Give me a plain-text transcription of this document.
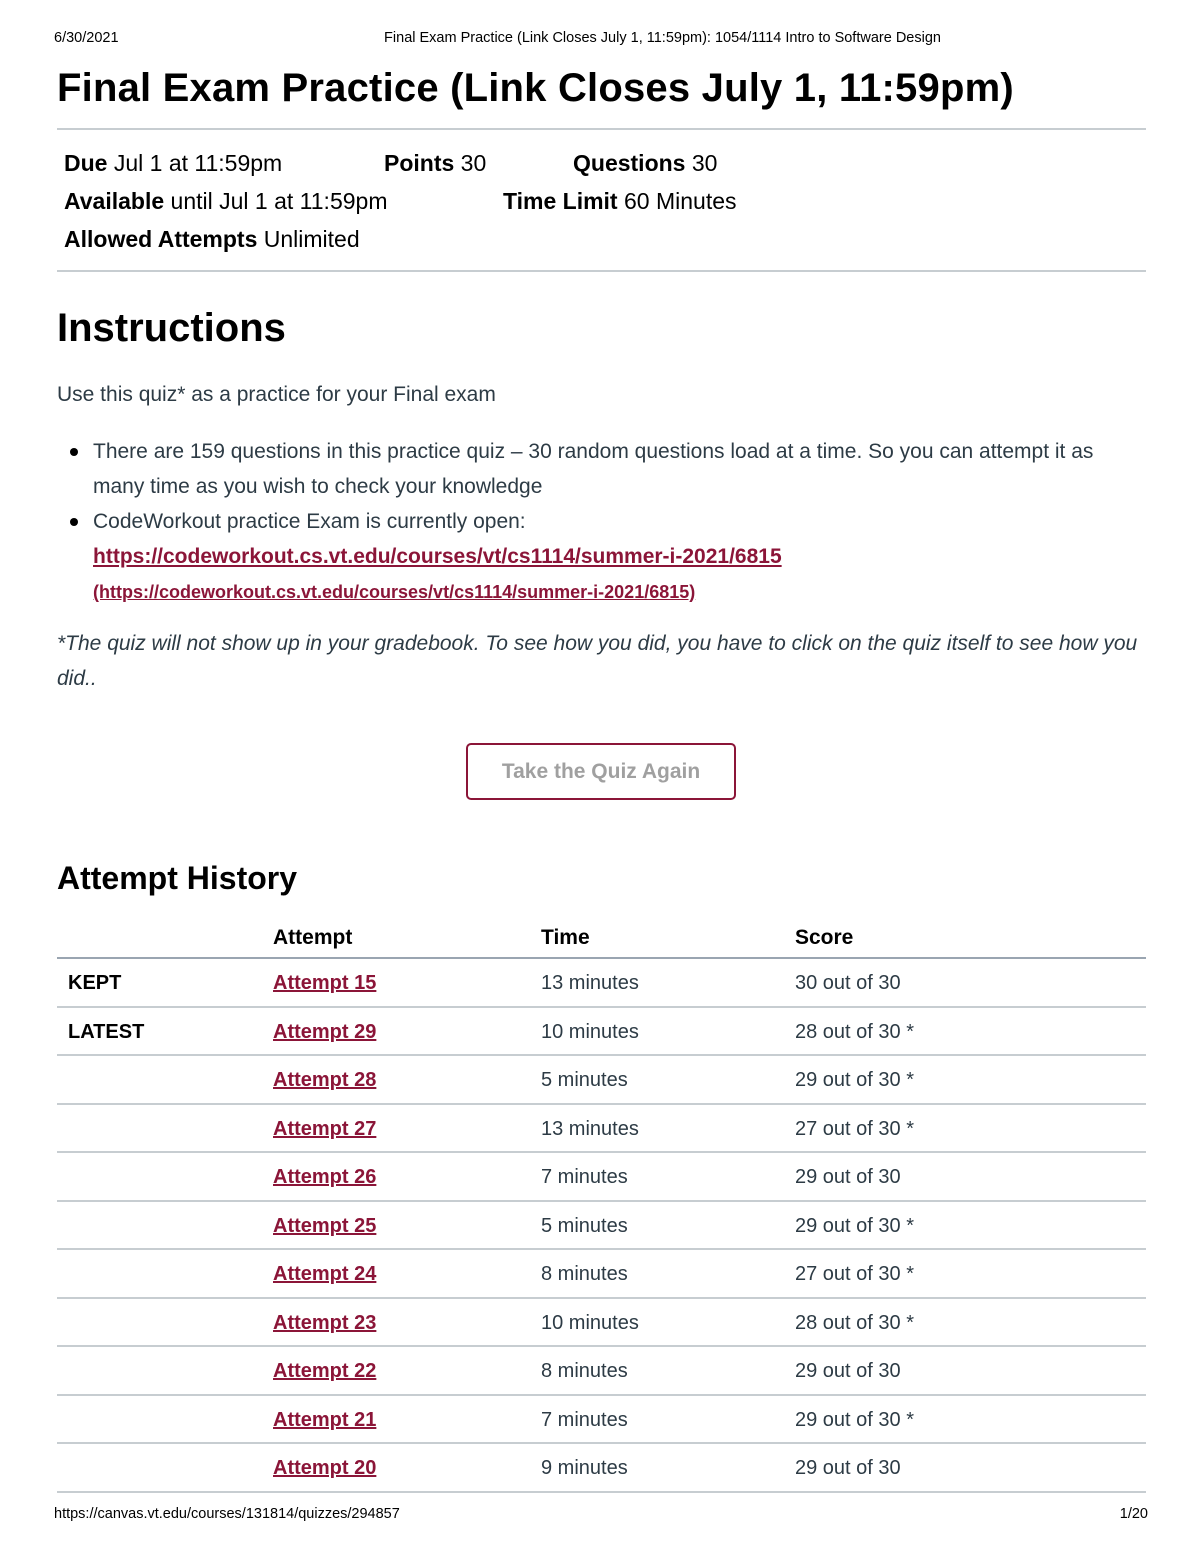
6/30/2021	Final Exam Practice (Link Closes July 1, 11:59pm): 1054/1114 Intro to Software Design
Final Exam Practice (Link Closes July 1, 11:59pm)
Due Jul 1 at 11:59pm	Points 30	Questions 30
Available until Jul 1 at 11:59pm	Time Limit 60 Minutes
Allowed Attempts Unlimited
Instructions

Use this quiz* as a practice for your Final exam

There are 159 questions in this practice quiz – 30 random questions load at a time. So you can attempt it as many time as you wish to check your knowledge
CodeWorkout practice Exam is currently open:
https://codeworkout.cs.vt.edu/courses/vt/cs1114/summer-i-2021/6815
(https://codeworkout.cs.vt.edu/courses/vt/cs1114/summer-i-2021/6815)

*The quiz will not show up in your gradebook. To see how you did, you have to click on the quiz itself to see how you did..

Take the Quiz Again
Attempt History
Attempt	Time	Score
KEPT	Attempt 15	13 minutes	30 out of 30
LATEST	Attempt 29	10 minutes	28 out of 30 *
Attempt 28	5 minutes	29 out of 30 *
Attempt 27	13 minutes	27 out of 30 *
Attempt 26	7 minutes	29 out of 30
Attempt 25	5 minutes	29 out of 30 *
Attempt 24	8 minutes	27 out of 30 *
Attempt 23	10 minutes	28 out of 30 *
Attempt 22	8 minutes	29 out of 30
Attempt 21	7 minutes	29 out of 30 *
Attempt 20	9 minutes	29 out of 30
https://canvas.vt.edu/courses/131814/quizzes/294857	1/20
